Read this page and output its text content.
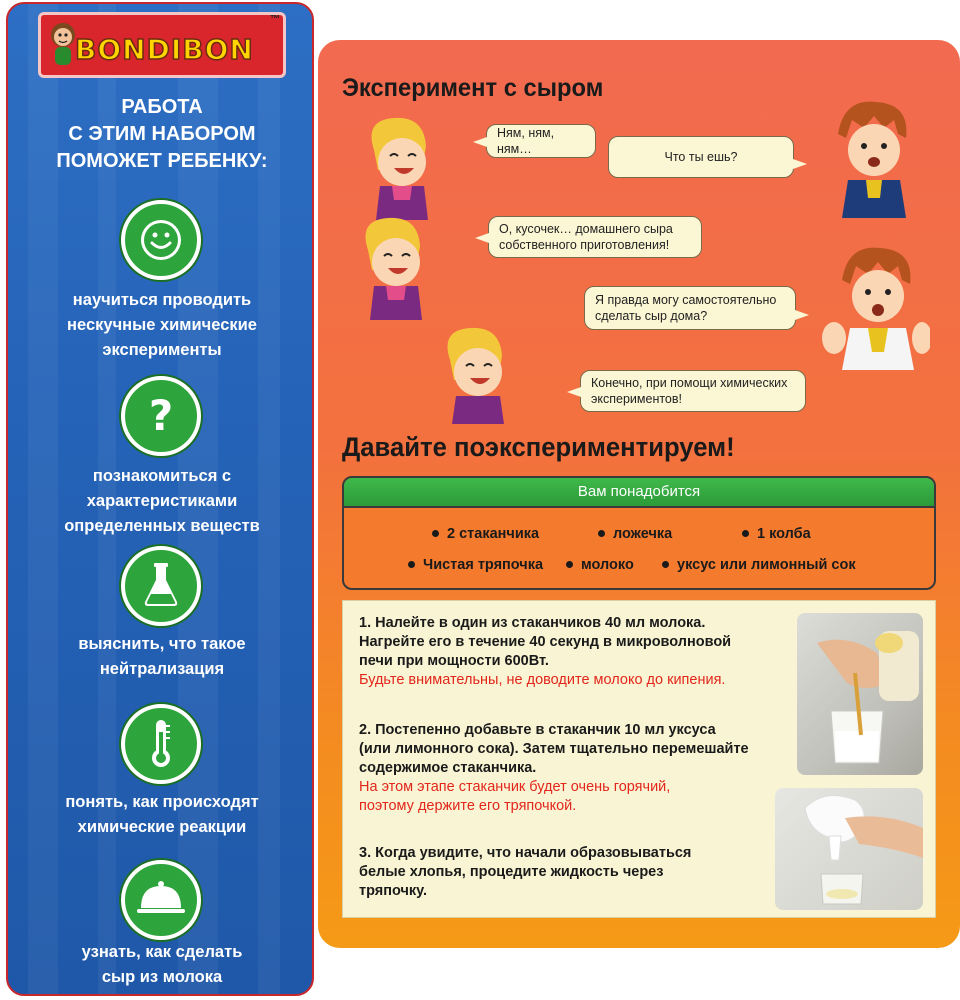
BONDIBON
™
РАБОТА
С ЭТИМ НАБОРОМ
ПОМОЖЕТ РЕБЕНКУ:
научиться проводить
нескучные химические
эксперименты
?
познакомиться с
характеристиками
определенных веществ
выяснить, что такое
нейтрализация
понять, как происходят
химические реакции
узнать, как сделать
сыр из молока
Эксперимент с сыром
Ням, ням, ням…
Что ты ешь?
О, кусочек… домашнего сыра
собственного приготовления!
Я правда могу самостоятельно
сделать сыр дома?
Конечно, при помощи химических
экспериментов!
Давайте поэкспериментируем!
Вам понадобится
2 стаканчика	ложечка	1 колба
Чистая тряпочка	молоко	уксус или лимонный сок
1. Налейте в один из стаканчиков 40 мл молока.
Нагрейте его в течение 40 секунд в микроволновой
печи при мощности 600Вт.
Будьте внимательны, не доводите молоко до кипения.
2. Постепенно добавьте в стаканчик 10 мл уксуса
(или лимонного сока). Затем тщательно перемешайте
содержимое стаканчика.
На этом этапе стаканчик будет очень горячий,
поэтому держите его тряпочкой.
3. Когда увидите, что начали образовываться
белые хлопья, процедите жидкость через
тряпочку.
